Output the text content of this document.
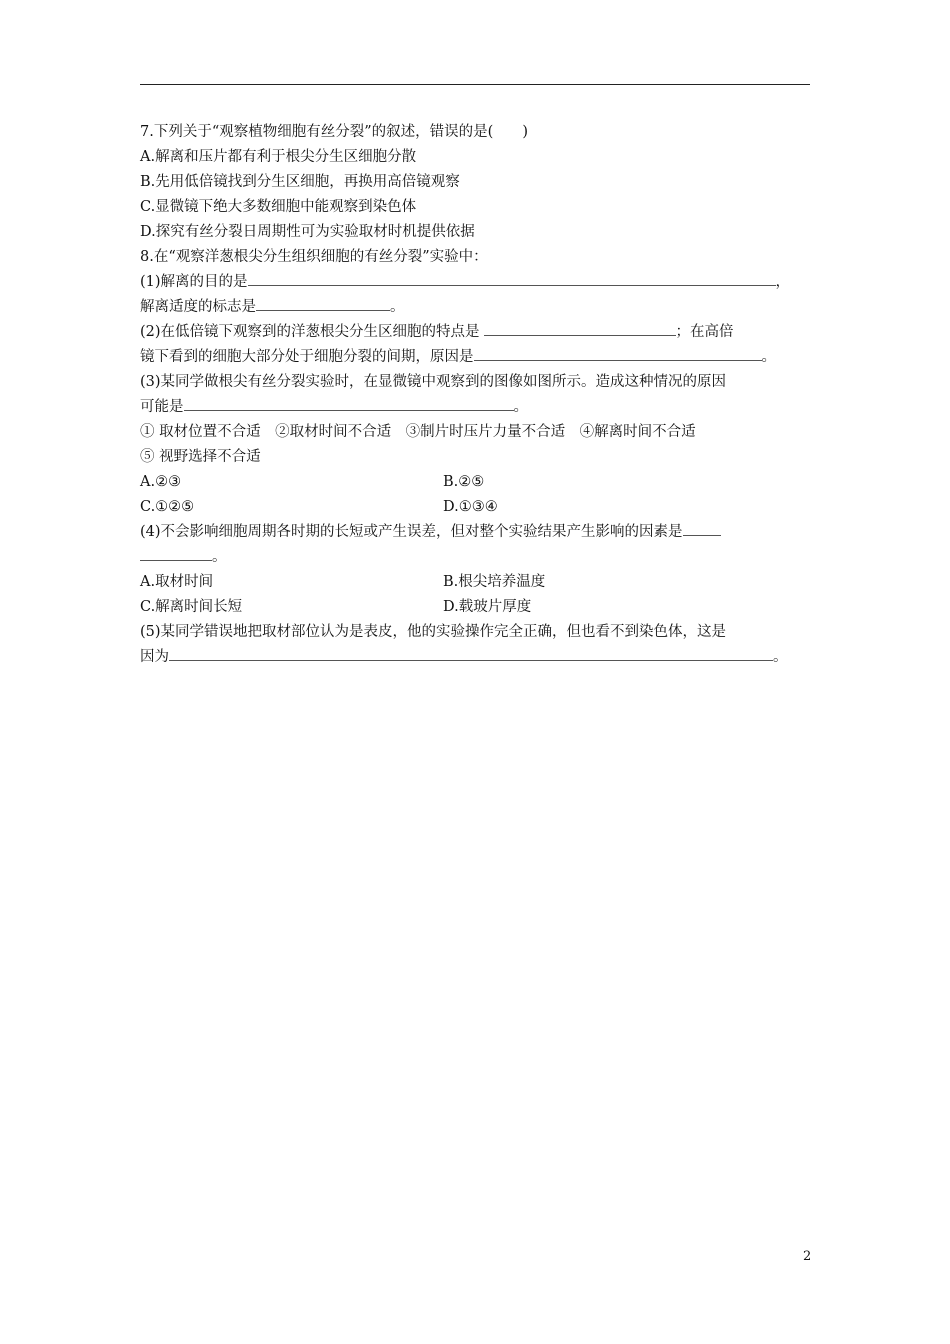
7.下列关于“观察植物细胞有丝分裂”的叙述，错误的是(　　)
A.解离和压片都有利于根尖分生区细胞分散
B.先用低倍镜找到分生区细胞，再换用高倍镜观察
C.显微镜下绝大多数细胞中能观察到染色体
D.探究有丝分裂日周期性可为实验取材时机提供依据
8.在“观察洋葱根尖分生组织细胞的有丝分裂”实验中：
(1)解离的目的是	，
解离适度的标志是	。
(2)在低倍镜下观察到的洋葱根尖分生区细胞的特点是	；在高倍
镜下看到的细胞大部分处于细胞分裂的间期，原因是	。
(3)某同学做根尖有丝分裂实验时，在显微镜中观察到的图像如图所示。造成这种情况的原因
可能是	。
① 取材位置不合适　②取材时间不合适　③制片时压片力量不合适　④解离时间不合适
⑤ 视野选择不合适
A.②③	B.②⑤
C.①②⑤	D.①③④
(4)不会影响细胞周期各时期的长短或产生误差，但对整个实验结果产生影响的因素是
。
A.取材时间	B.根尖培养温度
C.解离时间长短	D.载玻片厚度
(5)某同学错误地把取材部位认为是表皮，他的实验操作完全正确，但也看不到染色体，这是
因为	。
2
